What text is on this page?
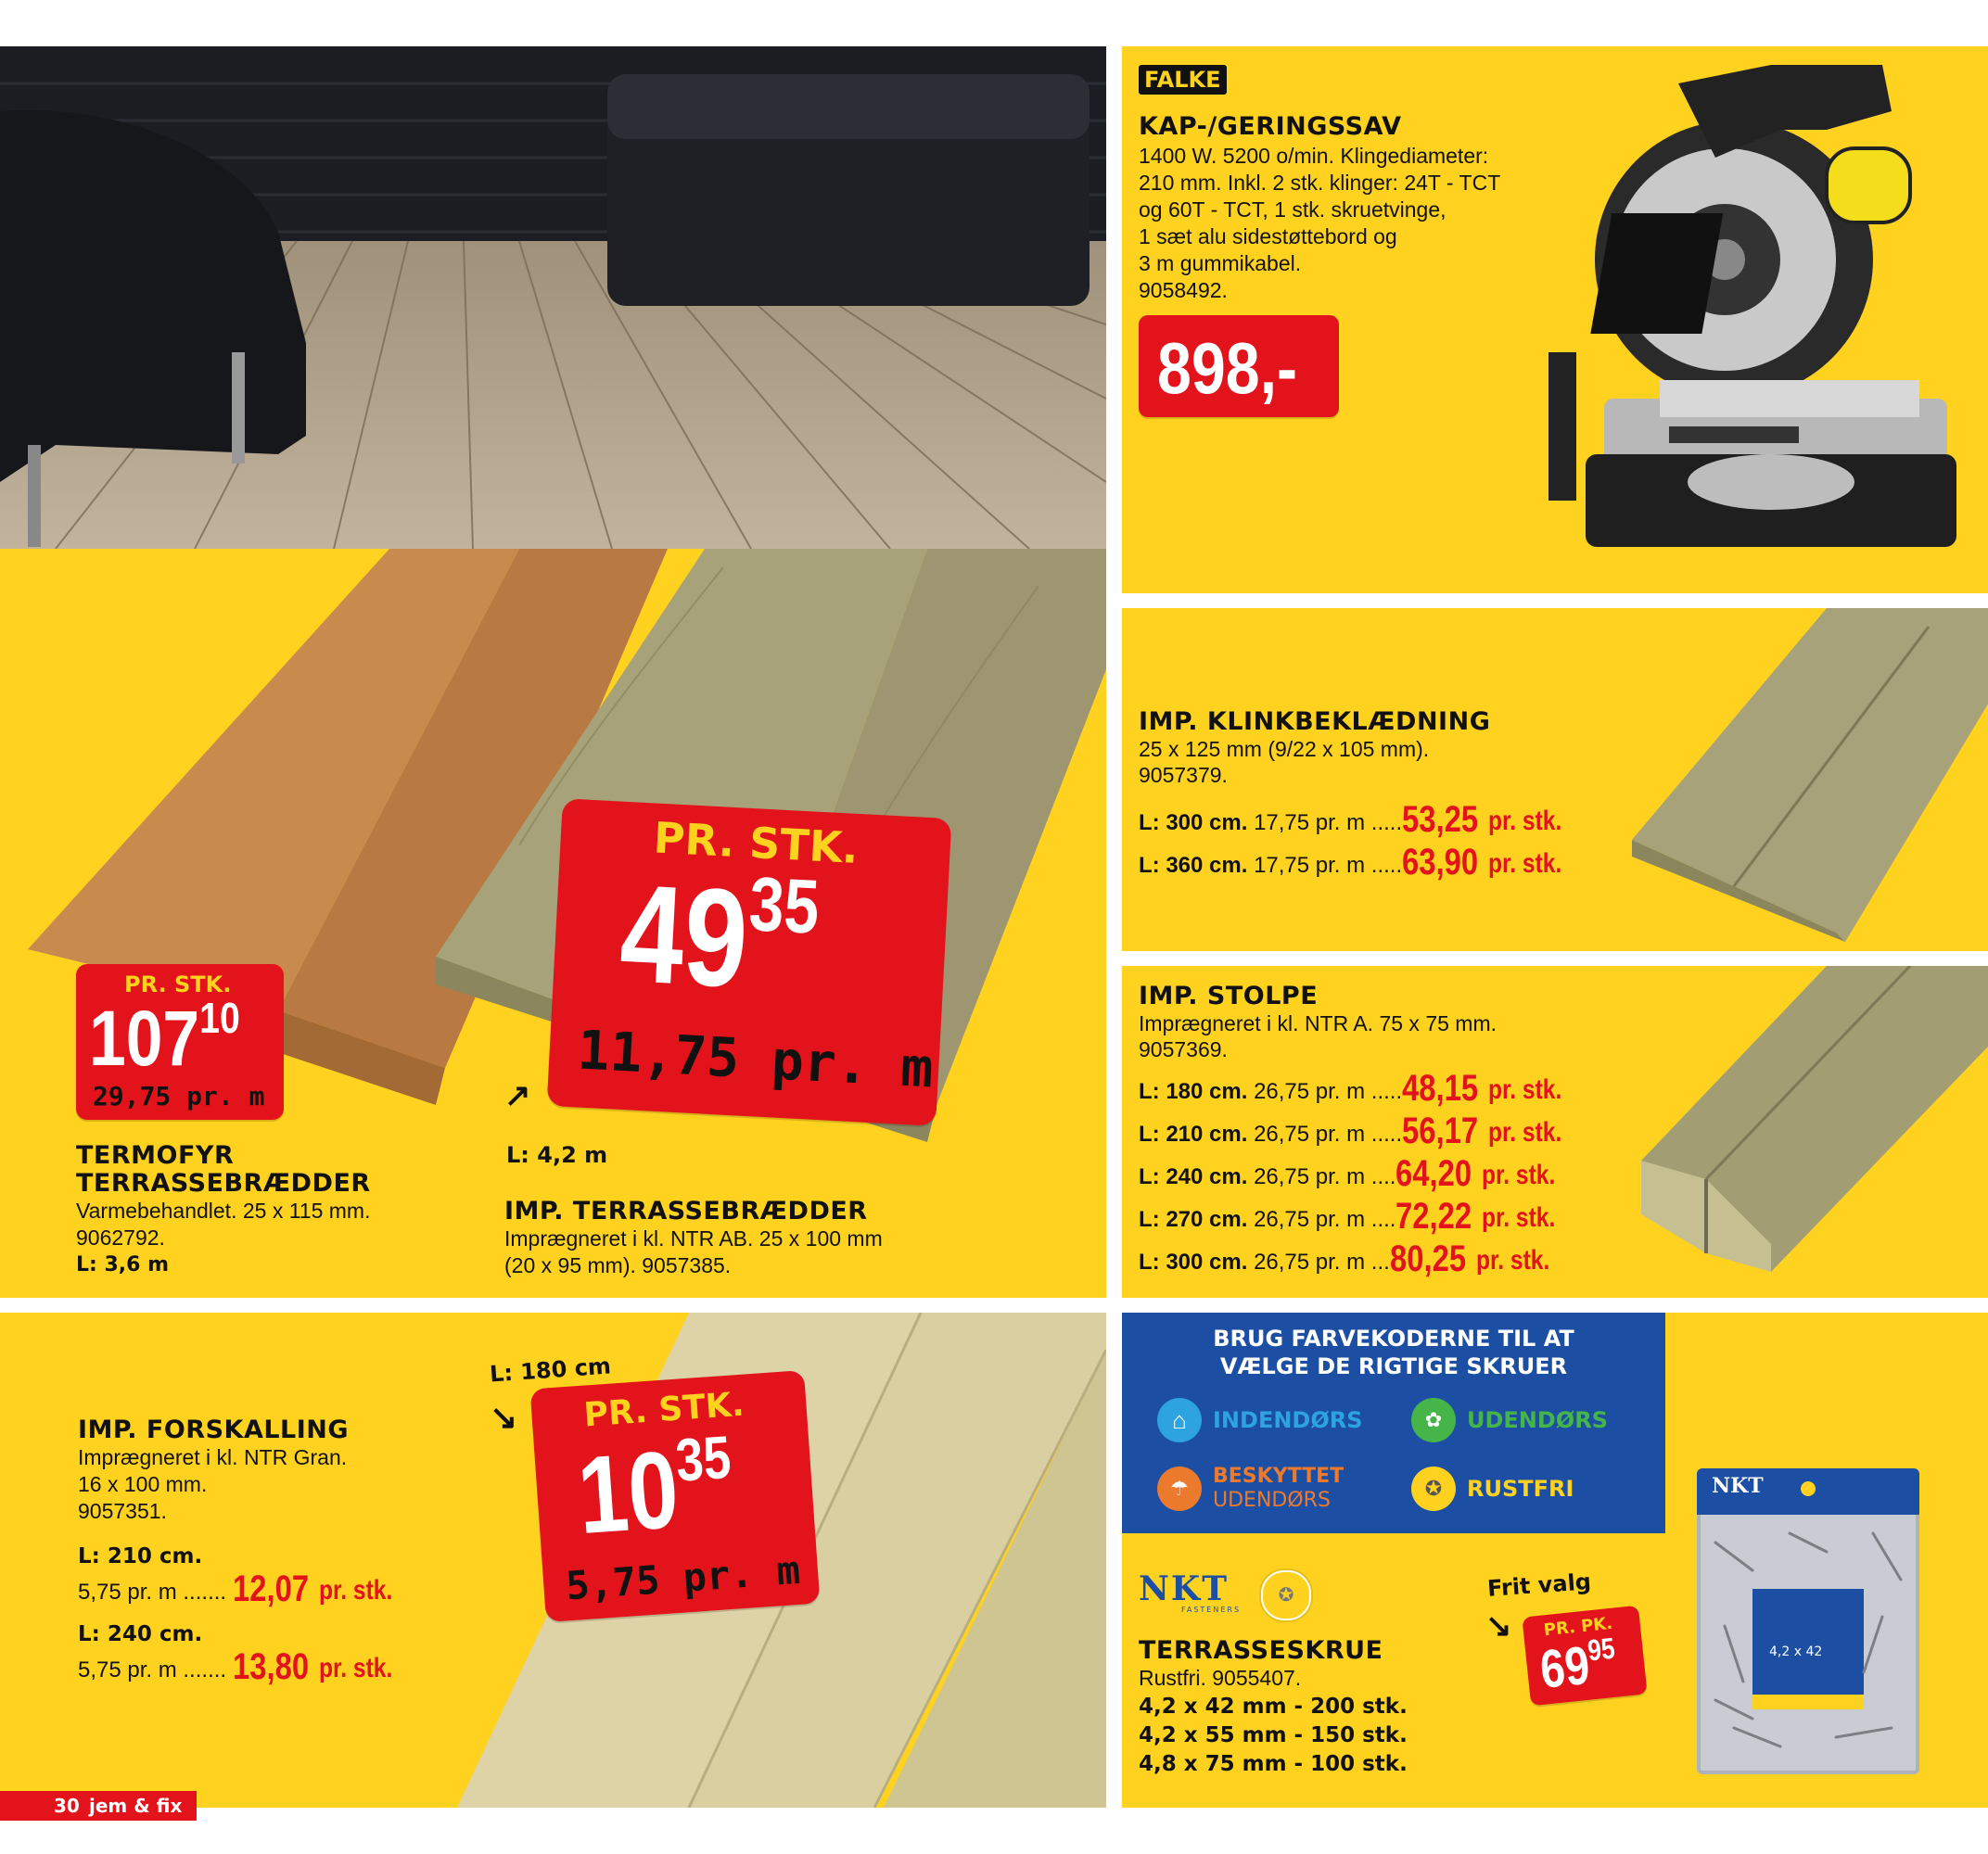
FALKE
KAP-/GERINGSSAV
1400 W. 5200 o/min. Klingediameter:
210 mm. Inkl. 2 stk. klinger: 24T - TCT
og 60T - TCT, 1 stk. skruetvinge,
1 sæt alu sidestøttebord og
3 m gummikabel.
9058492.
898,-
PR. STK.
$107^{10}$
29,75 pr. m
PR. STK.
$49^{35}$
11,75 pr. m
↗
L: 4,2 m
TERMOFYR
TERRASSEBRÆDDER
Varmebehandlet. 25 x 115 mm.
9062792.
L: 3,6 m
IMP. TERRASSEBRÆDDER
Imprægneret i kl. NTR AB. 25 x 100 mm
(20 x 95 mm). 9057385.
IMP. KLINKBEKLÆDNING
25 x 125 mm (9/22 x 105 mm).
9057379.
L: 300 cm. 17,75 pr. m .....53,25 pr. stk.
L: 360 cm. 17,75 pr. m .....63,90 pr. stk.
IMP. STOLPE
Imprægneret i kl. NTR A. 75 x 75 mm.
9057369.
L: 180 cm. 26,75 pr. m .....48,15 pr. stk.
L: 210 cm. 26,75 pr. m .....56,17 pr. stk.
L: 240 cm. 26,75 pr. m ....64,20 pr. stk.
L: 270 cm. 26,75 pr. m ....72,22 pr. stk.
L: 300 cm. 26,75 pr. m ...80,25 pr. stk.
IMP. FORSKALLING
Imprægneret i kl. NTR Gran.
16 x 100 mm.
9057351.
L: 210 cm.
5,75 pr. m ....... 12,07 pr. stk.
L: 240 cm.
5,75 pr. m ....... 13,80 pr. stk.
L: 180 cm
↘ PR. STK.
$10^{35}$
5,75 pr. m
BRUG FARVEKODERNE TIL AT
VÆLGE DE RIGTIGE SKRUER
⌂	INDENDØRS	✿	UDENDØRS
☂
BESKYTTET
UDENDØRS
✪	RUSTFRI
NKT
FASTENERS
✪
TERRASSESKRUE
Rustfri. 9055407.
4,2 x 42 mm - 200 stk.
4,2 x 55 mm - 150 stk.
4,8 x 75 mm - 100 stk.
Frit valg
↘ PR. PK.
$69^{95}$
NKT
4,2 x 42
30 jem & fix
